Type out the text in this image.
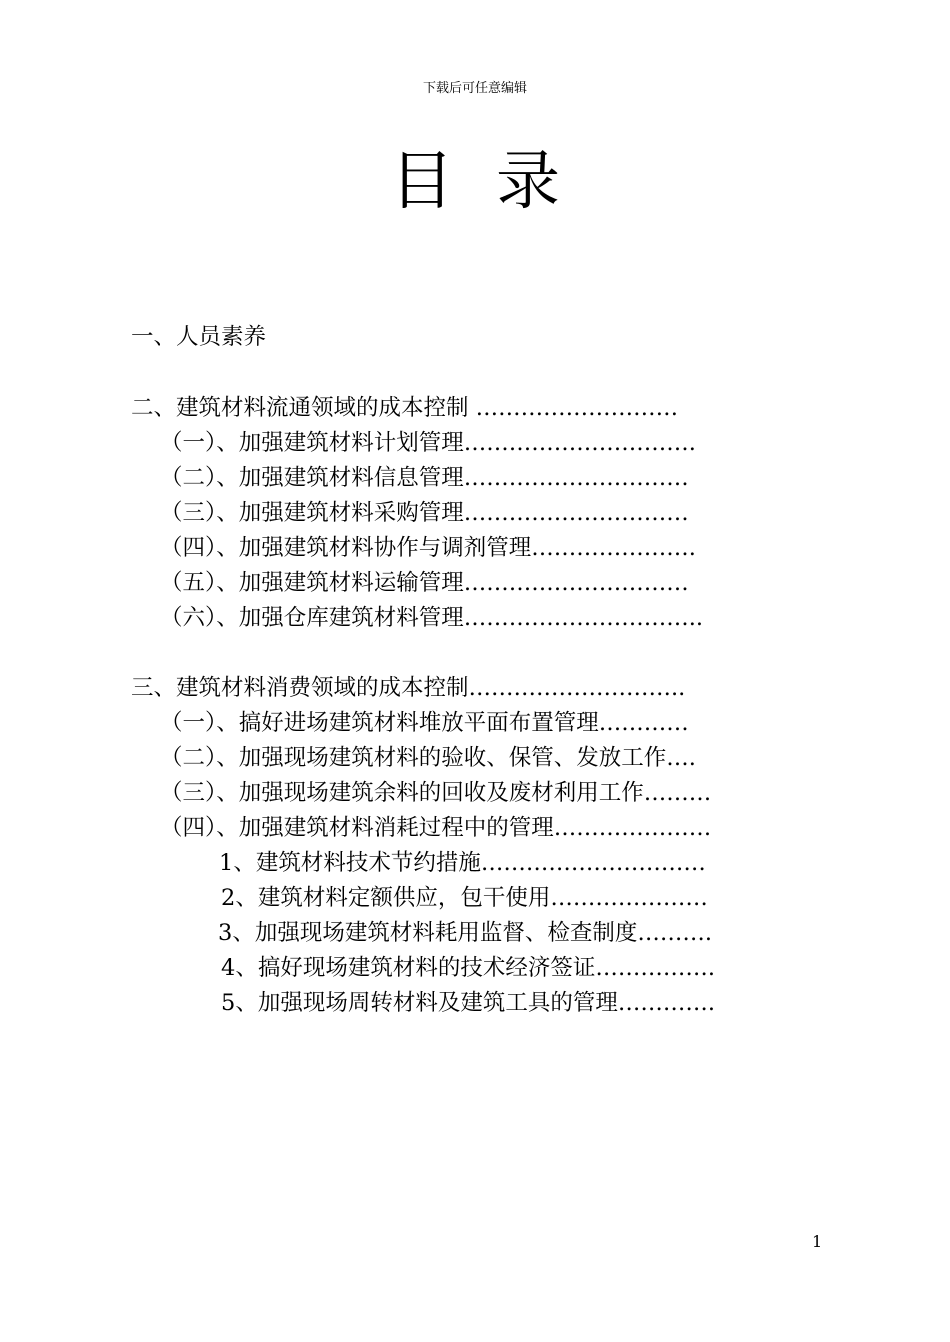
下载后可任意编辑
目录
一、人员素养
二、建筑材料流通领域的成本控制 ………………………
（一）、加强建筑材料计划管理………………………….
（二）、加强建筑材料信息管理…………………………
（三）、加强建筑材料采购管理…………………………
（四）、加强建筑材料协作与调剂管理………………….
（五）、加强建筑材料运输管理…………………………
（六）、加强仓库建筑材料管理…………………………..
三、建筑材料消费领域的成本控制………………………..
（一）、搞好进场建筑材料堆放平面布置管理…………
（二）、加强现场建筑材料的验收、保管、发放工作….
（三）、加强现场建筑余料的回收及废材利用工作………
（四）、加强建筑材料消耗过程中的管理…………………
1、建筑材料技术节约措施…………………………
2、建筑材料定额供应，包干使用…………………
3、加强现场建筑材料耗用监督、检查制度……….
4、搞好现场建筑材料的技术经济签证…………….
5、加强现场周转材料及建筑工具的管理………….
1
